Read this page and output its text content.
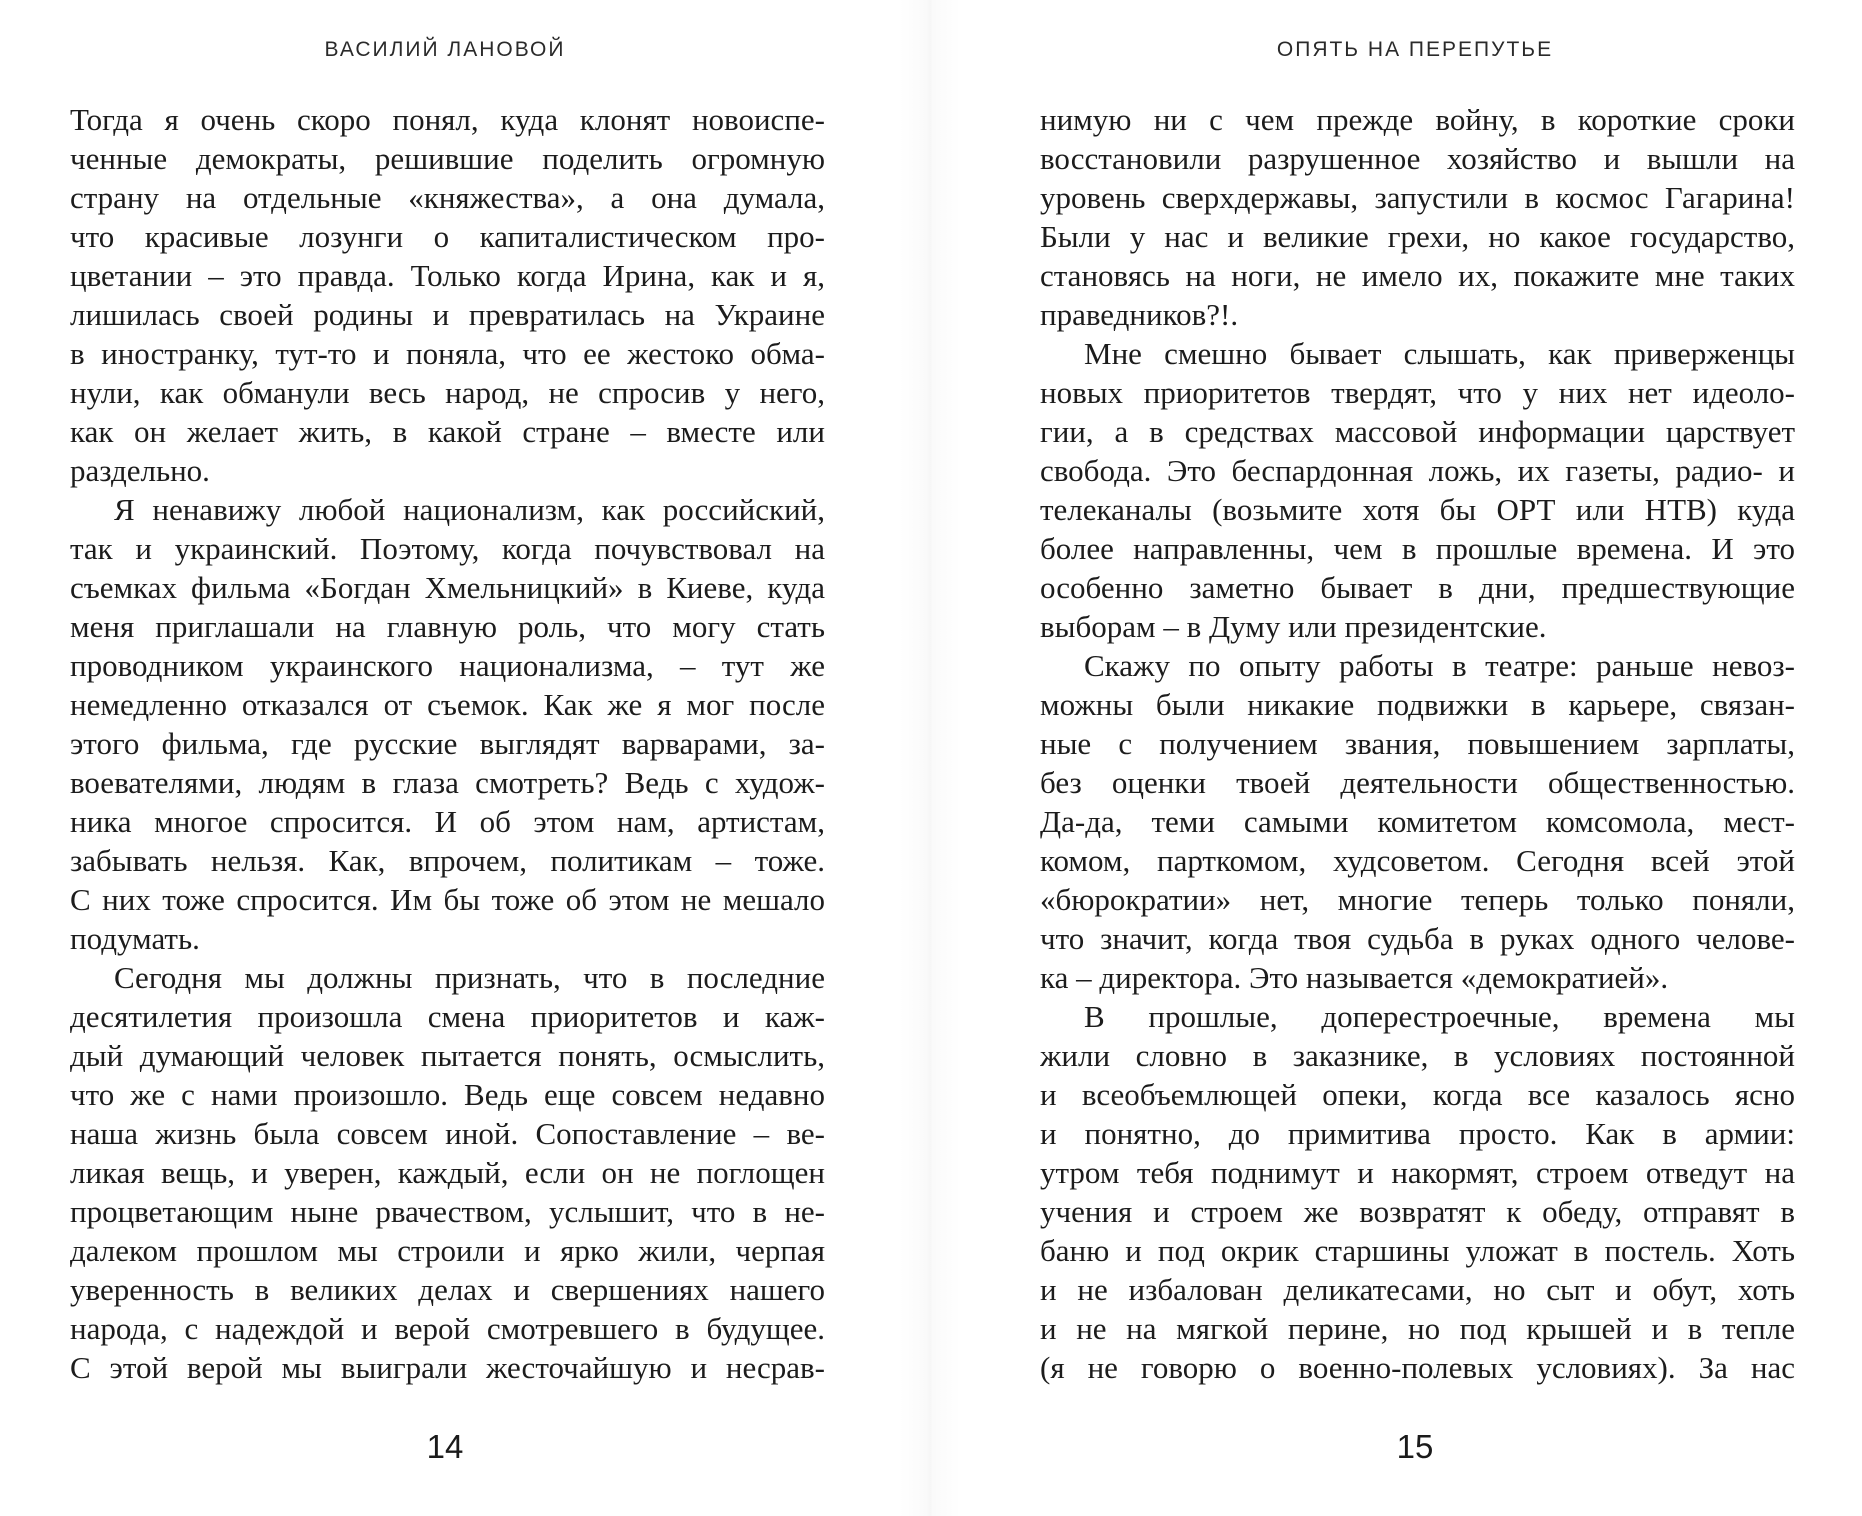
ВАСИЛИЙ ЛАНОВОЙ
Тогда я очень скоро понял, куда клонят новоиспе-
ченные демократы, решившие поделить огромную
страну на отдельные «княжества», а она думала,
что красивые лозунги о капиталистическом про-
цветании – это правда. Только когда Ирина, как и я,
лишилась своей родины и превратилась на Украине
в иностранку, тут-то и поняла, что ее жестоко обма-
нули, как обманули весь народ, не спросив у него,
как он желает жить, в какой стране – вместе или
раздельно.
Я ненавижу любой национализм, как российский,
так и украинский. Поэтому, когда почувствовал на
съемках фильма «Богдан Хмельницкий» в Киеве, куда
меня приглашали на главную роль, что могу стать
проводником украинского национализма, – тут же
немедленно отказался от съемок. Как же я мог после
этого фильма, где русские выглядят варварами, за-
воевателями, людям в глаза смотреть? Ведь с худож-
ника многое спросится. И об этом нам, артистам,
забывать нельзя. Как, впрочем, политикам – тоже.
С них тоже спросится. Им бы тоже об этом не мешало
подумать.
Сегодня мы должны признать, что в последние
десятилетия произошла смена приоритетов и каж-
дый думающий человек пытается понять, осмыслить,
что же с нами произошло. Ведь еще совсем недавно
наша жизнь была совсем иной. Сопоставление – ве-
ликая вещь, и уверен, каждый, если он не поглощен
процветающим ныне рвачеством, услышит, что в не-
далеком прошлом мы строили и ярко жили, черпая
уверенность в великих делах и свершениях нашего
народа, с надеждой и верой смотревшего в будущее.
С этой верой мы выиграли жесточайшую и несрав-
14
ОПЯТЬ НА ПЕРЕПУТЬЕ
нимую ни с чем прежде войну, в короткие сроки
восстановили разрушенное хозяйство и вышли на
уровень сверхдержавы, запустили в космос Гагарина!
Были у нас и великие грехи, но какое государство,
становясь на ноги, не имело их, покажите мне таких
праведников?!.
Мне смешно бывает слышать, как приверженцы
новых приоритетов твердят, что у них нет идеоло-
гии, а в средствах массовой информации царствует
свобода. Это беспардонная ложь, их газеты, радио- и
телеканалы (возьмите хотя бы ОРТ или НТВ) куда
более направленны, чем в прошлые времена. И это
особенно заметно бывает в дни, предшествующие
выборам – в Думу или президентские.
Скажу по опыту работы в театре: раньше невоз-
можны были никакие подвижки в карьере, связан-
ные с получением звания, повышением зарплаты,
без оценки твоей деятельности общественностью.
Да-да, теми самыми комитетом комсомола, мест-
комом, парткомом, худсоветом. Сегодня всей этой
«бюрократии» нет, многие теперь только поняли,
что значит, когда твоя судьба в руках одного челове-
ка – директора. Это называется «демократией».
В прошлые, доперестроечные, времена мы
жили словно в заказнике, в условиях постоянной
и всеобъемлющей опеки, когда все казалось ясно
и понятно, до примитива просто. Как в армии:
утром тебя поднимут и накормят, строем отведут на
учения и строем же возвратят к обеду, отправят в
баню и под окрик старшины уложат в постель. Хоть
и не избалован деликатесами, но сыт и обут, хоть
и не на мягкой перине, но под крышей и в тепле
(я не говорю о военно-полевых условиях). За нас
15
